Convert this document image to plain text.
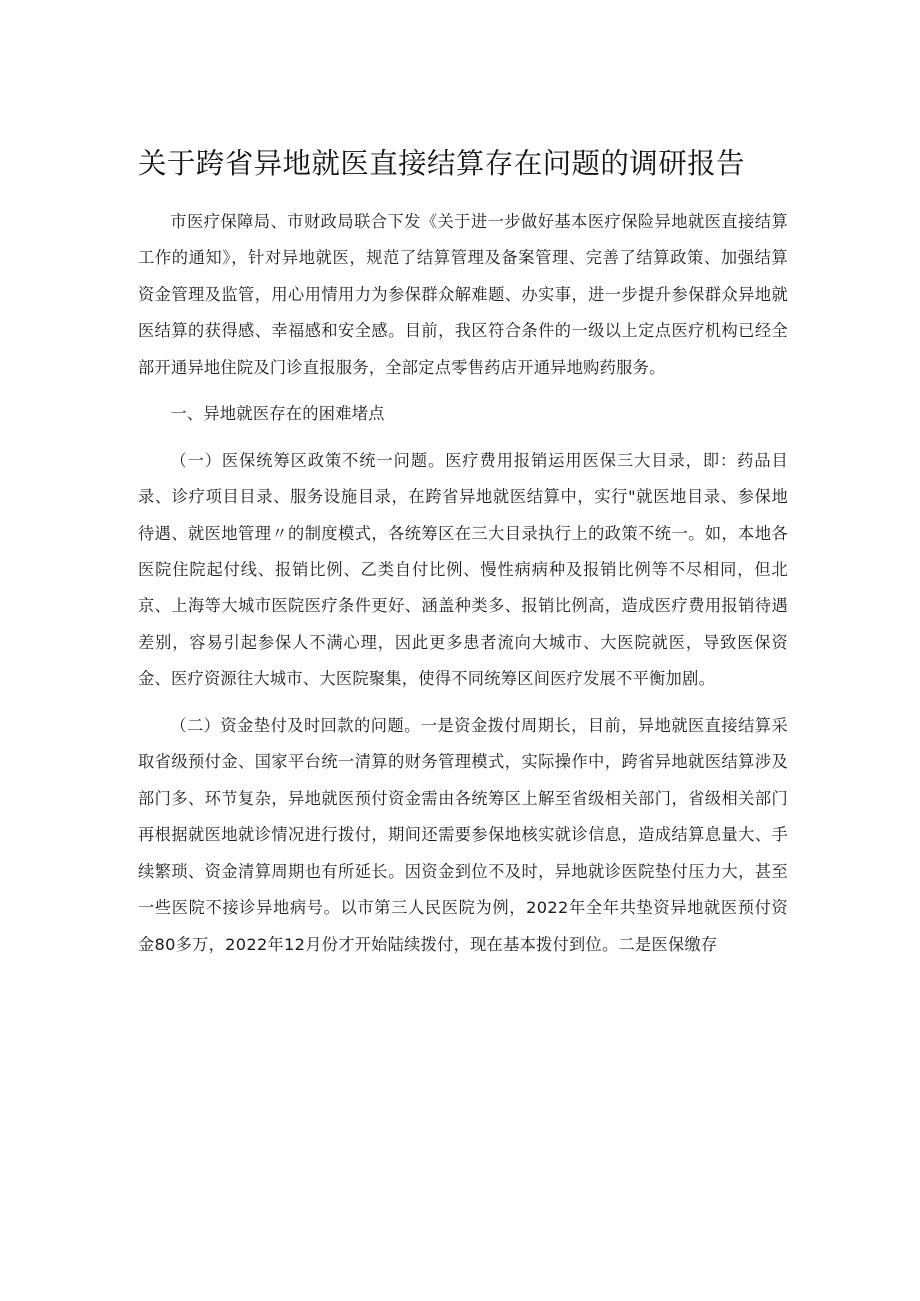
关于跨省异地就医直接结算存在问题的调研报告

市医疗保障局、市财政局联合下发《关于进一步做好基本医疗保险异地就医直接结算工作的通知》，针对异地就医，规范了结算管理及备案管理、完善了结算政策、加强结算资金管理及监管，用心用情用力为参保群众解难题、办实事，进一步提升参保群众异地就医结算的获得感、幸福感和安全感。目前，我区符合条件的一级以上定点医疗机构已经全部开通异地住院及门诊直报服务，全部定点零售药店开通异地购药服务。

一、异地就医存在的困难堵点

（一）医保统筹区政策不统一问题。医疗费用报销运用医保三大目录，即：药品目录、诊疗项目目录、服务设施目录，在跨省异地就医结算中，实行"就医地目录、参保地待遇、就医地管理〃的制度模式，各统筹区在三大目录执行上的政策不统一。如，本地各医院住院起付线、报销比例、乙类自付比例、慢性病病种及报销比例等不尽相同，但北京、上海等大城市医院医疗条件更好、涵盖种类多、报销比例高，造成医疗费用报销待遇差别，容易引起参保人不满心理，因此更多患者流向大城市、大医院就医，导致医保资金、医疗资源往大城市、大医院聚集，使得不同统筹区间医疗发展不平衡加剧。

（二）资金垫付及时回款的问题。一是资金拨付周期长，目前，异地就医直接结算采取省级预付金、国家平台统一清算的财务管理模式，实际操作中，跨省异地就医结算涉及部门多、环节复杂，异地就医预付资金需由各统筹区上解至省级相关部门，省级相关部门再根据就医地就诊情况进行拨付，期间还需要参保地核实就诊信息，造成结算息量大、手续繁琐、资金清算周期也有所延长。因资金到位不及时，异地就诊医院垫付压力大，甚至一些医院不接诊异地病号。以市第三人民医院为例，2022年全年共垫资异地就医预付资金80多万，2022年12月份才开始陆续拨付，现在基本拨付到位。二是医保缴存
